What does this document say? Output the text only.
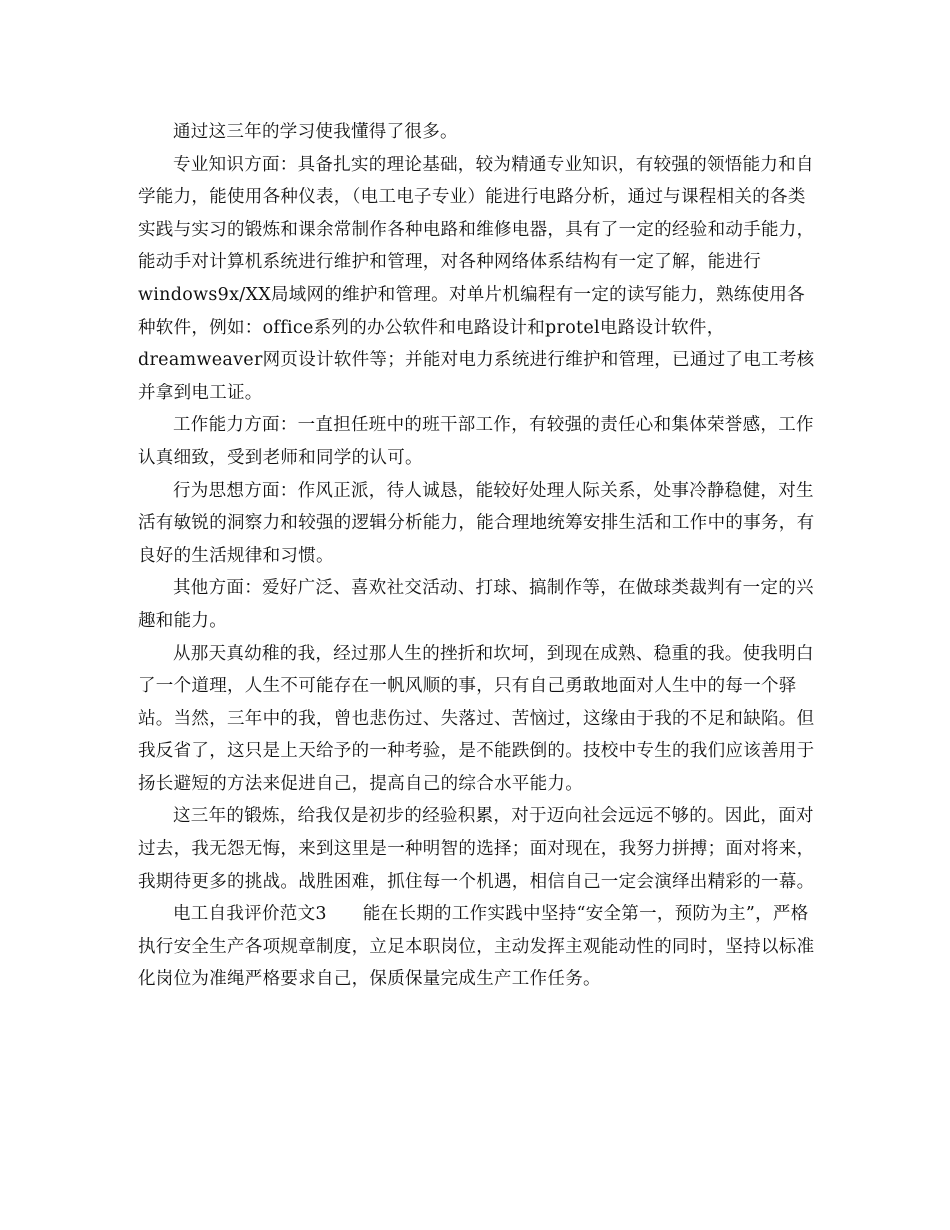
通过这三年的学习使我懂得了很多。

专业知识方面：具备扎实的理论基础，较为精通专业知识，有较强的领悟能力和自学能力，能使用各种仪表，（电工电子专业）能进行电路分析，通过与课程相关的各类实践与实习的锻炼和课余常制作各种电路和维修电器，具有了一定的经验和动手能力，能动手对计算机系统进行维护和管理，对各种网络体系结构有一定了解，能进行windows9x/XX局域网的维护和管理。对单片机编程有一定的读写能力，熟练使用各种软件，例如：office系列的办公软件和电路设计和protel电路设计软件，dreamweaver网页设计软件等；并能对电力系统进行维护和管理，已通过了电工考核并拿到电工证。

工作能力方面：一直担任班中的班干部工作，有较强的责任心和集体荣誉感，工作认真细致，受到老师和同学的认可。

行为思想方面：作风正派，待人诚恳，能较好处理人际关系，处事冷静稳健，对生活有敏锐的洞察力和较强的逻辑分析能力，能合理地统筹安排生活和工作中的事务，有良好的生活规律和习惯。

其他方面：爱好广泛、喜欢社交活动、打球、搞制作等，在做球类裁判有一定的兴趣和能力。

从那天真幼稚的我，经过那人生的挫折和坎坷，到现在成熟、稳重的我。使我明白了一个道理，人生不可能存在一帆风顺的事，只有自己勇敢地面对人生中的每一个驿站。当然，三年中的我，曾也悲伤过、失落过、苦恼过，这缘由于我的不足和缺陷。但我反省了，这只是上天给予的一种考验，是不能跌倒的。技校中专生的我们应该善用于扬长避短的方法来促进自己，提高自己的综合水平能力。

这三年的锻炼，给我仅是初步的经验积累，对于迈向社会远远不够的。因此，面对过去，我无怨无悔，来到这里是一种明智的选择；面对现在，我努力拼搏；面对将来，我期待更多的挑战。战胜困难，抓住每一个机遇，相信自己一定会演绎出精彩的一幕。

电工自我评价范文3 能在长期的工作实践中坚持“安全第一，预防为主”，严格执行安全生产各项规章制度，立足本职岗位，主动发挥主观能动性的同时，坚持以标准化岗位为准绳严格要求自己，保质保量完成生产工作任务。
